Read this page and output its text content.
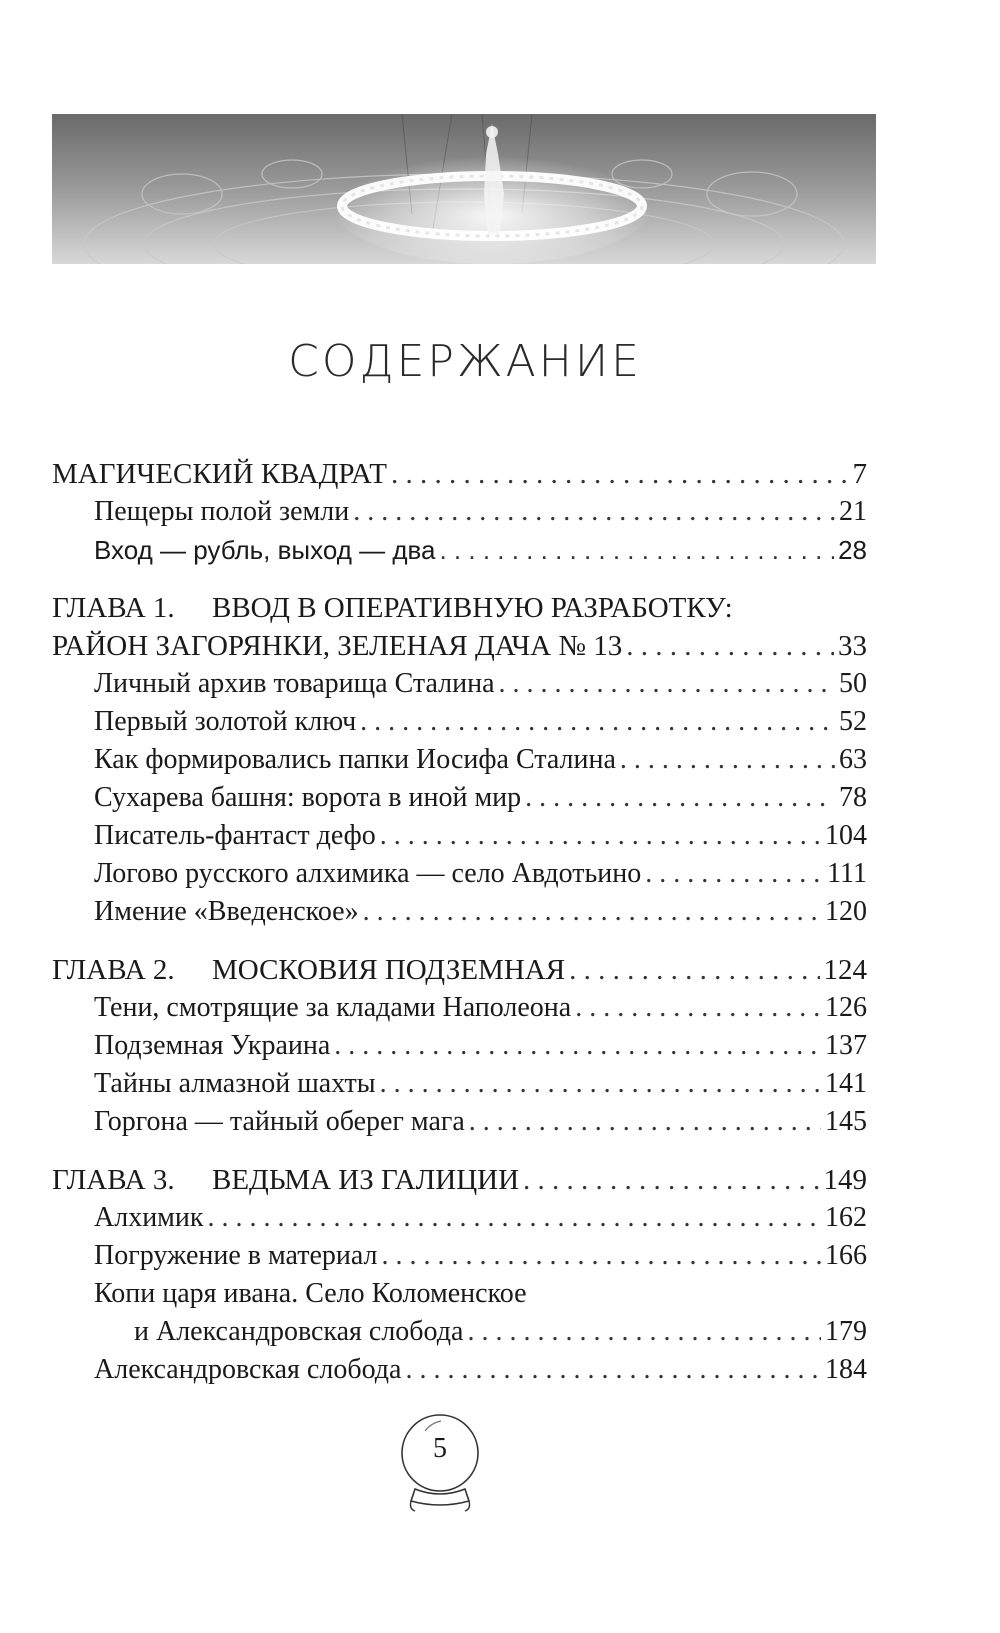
СОДЕРЖАНИЕ
МАГИЧЕСКИЙ КВАДРАТ . . .	7
Пещеры полой земли . . .	21
Вход — рубль, выход — два . . .	28
ГЛАВА 1.	ВВОД В ОПЕРАТИВНУЮ РАЗРАБОТКУ:
РАЙОН ЗАГОРЯНКИ, ЗЕЛЕНАЯ ДАЧА № 13 . . .	33
Личный архив товарища Сталина . . .	50
Первый золотой ключ . . .	52
Как формировались папки Иосифа Сталина . . .	63
Сухарева башня: ворота в иной мир . . .	78
Писатель-фантаст дефо . . .	104
Логово русского алхимика — село Авдотьино . . .	111
Имение «Введенское» . . .	120
ГЛАВА 2.	МОСКОВИЯ ПОДЗЕМНАЯ . . .	124
Тени, смотрящие за кладами Наполеона . . .	126
Подземная Украина . . .	137
Тайны алмазной шахты . . .	141
Горгона — тайный оберег мага . . .	145
ГЛАВА 3.	ВЕДЬМА ИЗ ГАЛИЦИИ . . .	149
Алхимик . . .	162
Погружение в материал . . .	166
Копи царя ивана. Село Коломенское
и Александровская слобода . . .	179
Александровская слобода . . .	184
5
